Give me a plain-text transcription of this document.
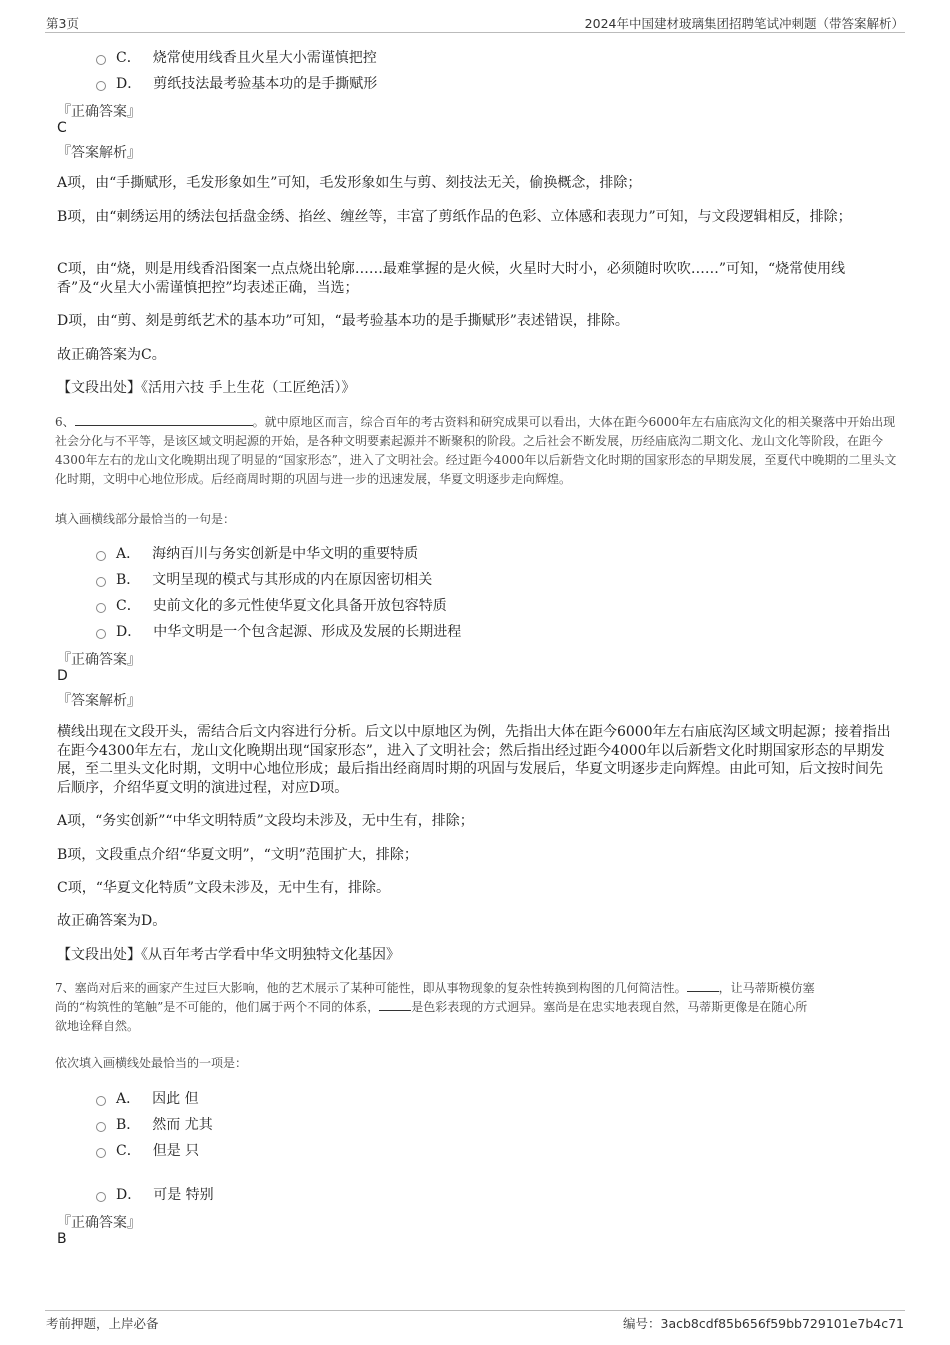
第3页	2024年中国建材玻璃集团招聘笔试冲刺题（带答案解析）
C． 烧常使用线香且火星大小需谨慎把控
D． 剪纸技法最考验基本功的是手撕赋形
『正确答案』
C
『答案解析』
A项，由“手撕赋形，毛发形象如生”可知，毛发形象如生与剪、刻技法无关，偷换概念，排除；
B项，由“刺绣运用的绣法包括盘金绣、掐丝、缠丝等，丰富了剪纸作品的色彩、立体感和表现力”可知，与文段逻辑相反，排除；
C项，由“烧，则是用线香沿图案一点点烧出轮廓……最难掌握的是火候，火星时大时小，必须随时吹吹……”可知，“烧常使用线香”及“火星大小需谨慎把控”均表述正确，当选；
D项，由“剪、刻是剪纸艺术的基本功”可知，“最考验基本功的是手撕赋形”表述错误，排除。
故正确答案为C。
【文段出处】《活用六技 手上生花（工匠绝活）》
6、	。就中原地区而言，综合百年的考古资料和研究成果可以看出，大体在距今6000年左右庙底沟文化的相关聚落中开始出现社会分化与不平等，是该区域文明起源的开始，是各种文明要素起源并不断聚积的阶段。之后社会不断发展，历经庙底沟二期文化、龙山文化等阶段，在距今4300年左右的龙山文化晚期出现了明显的“国家形态”，进入了文明社会。经过距今4000年以后新砦文化时期的国家形态的早期发展，至夏代中晚期的二里头文化时期，文明中心地位形成。后经商周时期的巩固与进一步的迅速发展，华夏文明逐步走向辉煌。
填入画横线部分最恰当的一句是：
A． 海纳百川与务实创新是中华文明的重要特质
B． 文明呈现的模式与其形成的内在原因密切相关
C． 史前文化的多元性使华夏文化具备开放包容特质
D． 中华文明是一个包含起源、形成及发展的长期进程
『正确答案』
D
『答案解析』
横线出现在文段开头，需结合后文内容进行分析。后文以中原地区为例，先指出大体在距今6000年左右庙底沟区域文明起源；接着指出在距今4300年左右，龙山文化晚期出现“国家形态”，进入了文明社会；然后指出经过距今4000年以后新砦文化时期国家形态的早期发展，至二里头文化时期，文明中心地位形成；最后指出经商周时期的巩固与发展后，华夏文明逐步走向辉煌。由此可知，后文按时间先后顺序，介绍华夏文明的演进过程，对应D项。
A项，“务实创新”“中华文明特质”文段均未涉及，无中生有，排除；
B项，文段重点介绍“华夏文明”，“文明”范围扩大，排除；
C项，“华夏文化特质”文段未涉及，无中生有，排除。
故正确答案为D。
【文段出处】《从百年考古学看中华文明独特文化基因》
7、塞尚对后来的画家产生过巨大影响，他的艺术展示了某种可能性，即从事物现象的复杂性转换到构图的几何简洁性。	，让马蒂斯模仿塞
尚的“构筑性的笔触”是不可能的，他们属于两个不同的体系，	是色彩表现的方式迥异。塞尚是在忠实地表现自然，马蒂斯更像是在随心所
欲地诠释自然。
依次填入画横线处最恰当的一项是：
A． 因此 但
B． 然而 尤其
C． 但是 只
D． 可是 特别
『正确答案』
B
考前押题，上岸必备	编号：3acb8cdf85b656f59bb729101e7b4c71
